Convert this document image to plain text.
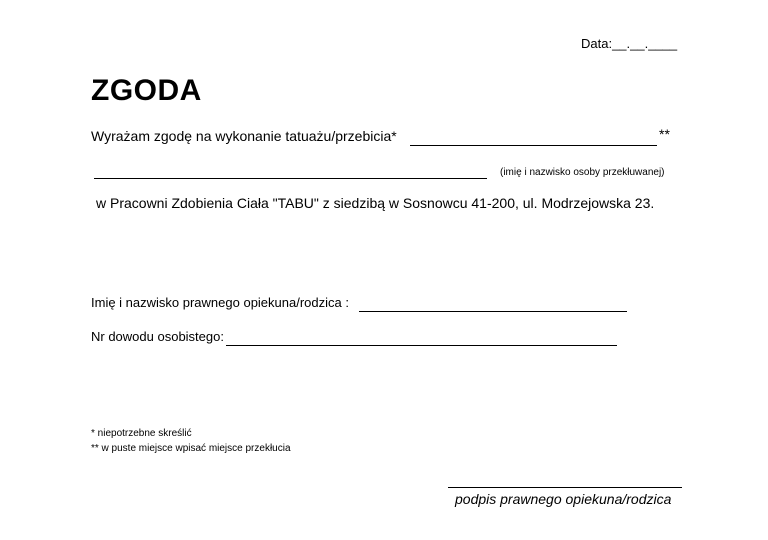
Data:__.__.____
ZGODA
Wyrażam zgodę na wykonanie tatuażu/przebicia*	**
(imię i nazwisko osoby przekłuwanej)
w Pracowni Zdobienia Ciała "TABU" z siedzibą w Sosnowcu 41-200, ul. Modrzejowska 23.
Imię i nazwisko prawnego opiekuna/rodzica :
Nr dowodu osobistego:
* niepotrzebne skreślić
** w puste miejsce wpisać miejsce przekłucia
podpis prawnego opiekuna/rodzica
